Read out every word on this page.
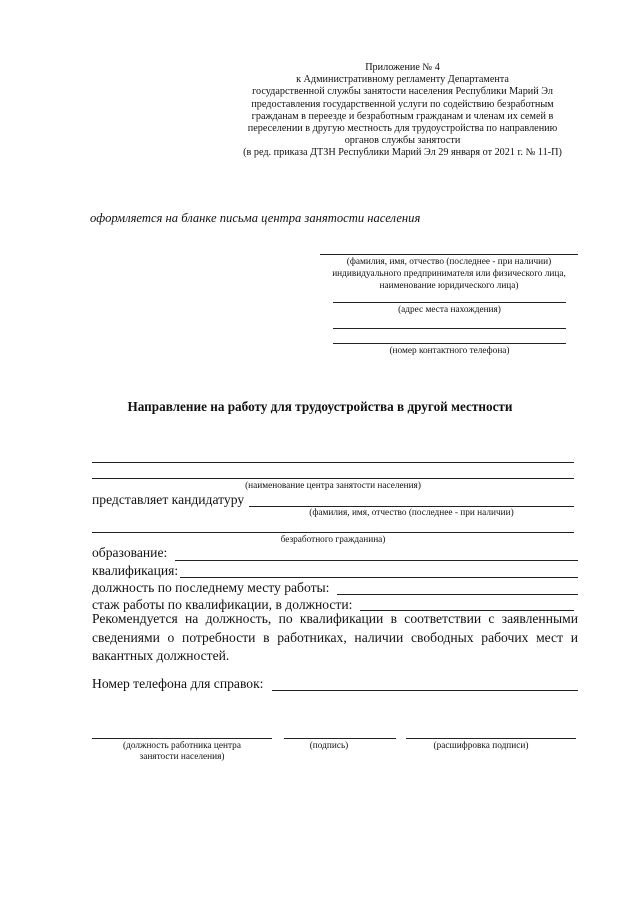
Приложение № 4
к Административному регламенту Департамента
государственной службы занятости населения Республики Марий Эл
предоставления государственной услуги по содействию безработным
гражданам в переезде и безработным гражданам и членам их семей в
переселении в другую местность для трудоустройства по направлению
органов службы занятости
(в ред. приказа ДТЗН Республики Марий Эл 29 января от 2021 г. № 11-П)
оформляется на бланке письма центра занятости населения
(фамилия, имя, отчество (последнее - при наличии)
индивидуального предпринимателя или физического лица,
наименование юридического лица)
(адрес места нахождения)
(номер контактного телефона)
Направление на работу для трудоустройства в другой местности
(наименование центра занятости населения)
представляет кандидатуру
(фамилия, имя, отчество (последнее - при наличии)
безработного гражданина)
образование:
квалификация:
должность по последнему месту работы:
стаж работы по квалификации, в должности:
Рекомендуется на должность, по квалификации в соответствии с заявленными сведениями о потребности в работниках, наличии свободных рабочих мест и вакантных должностей.
Номер телефона для справок:
(должность работника центра
занятости населения)
(подпись)	(расшифровка подписи)
